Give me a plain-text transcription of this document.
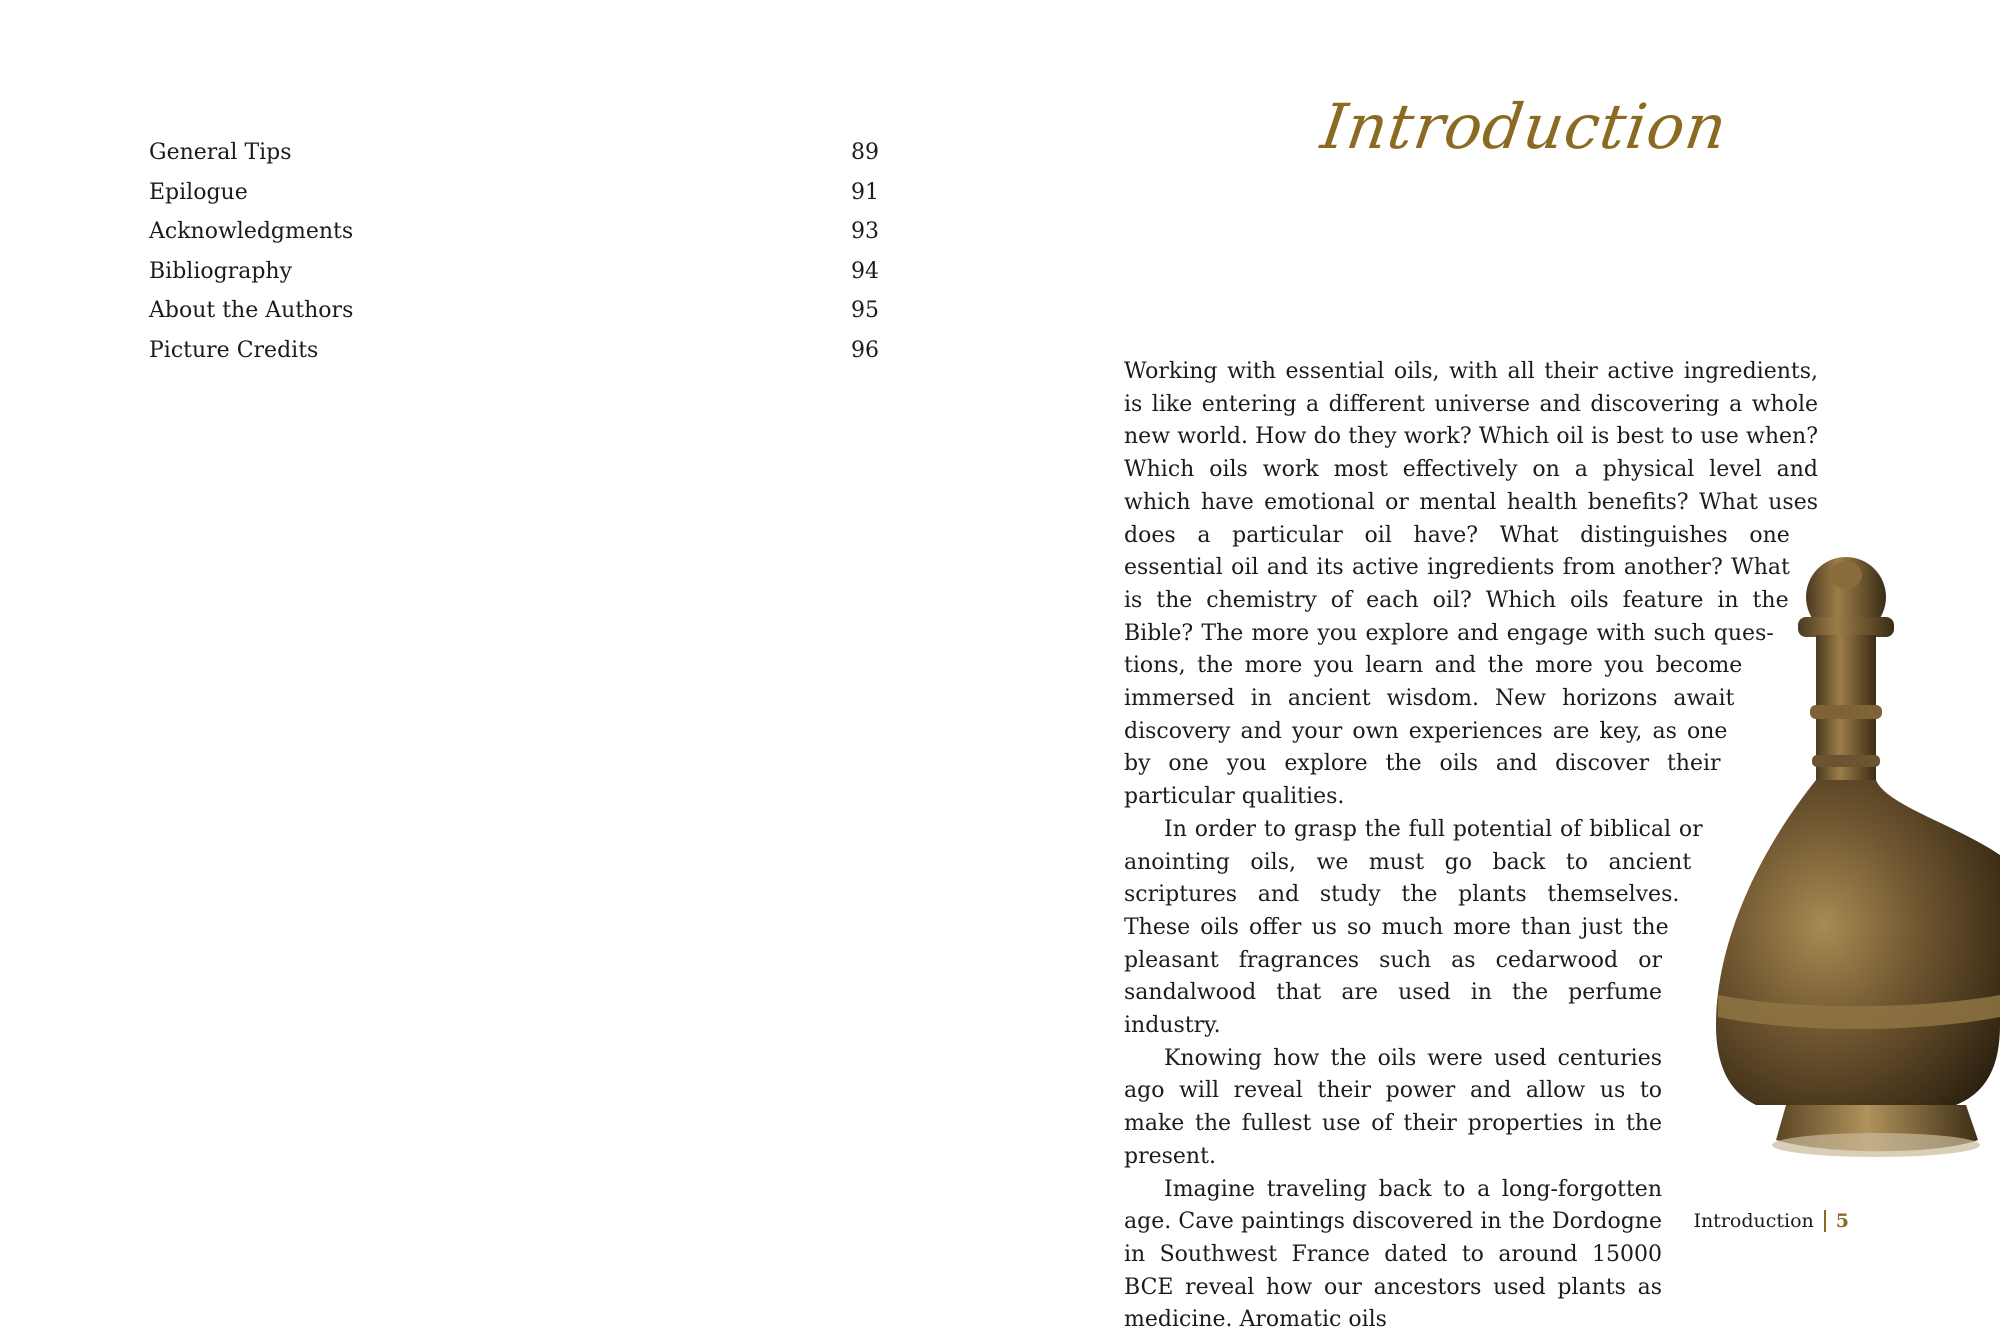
General Tips	89
Epilogue	91
Acknowledgments	93
Bibliography	94
About the Authors	95
Picture Credits	96
Introduction

Working with essential oils, with all their active ingredients, is like entering a different universe and discovering a whole new world. How do they work? Which oil is best to use when? Which oils work most effectively on a physical level and which have emotional or mental health benefits? What uses does a particular oil have? What distinguishes one essential oil and its active ingredients from another? What is the chemistry of each oil? Which oils feature in the Bible? The more you explore and engage with such questions, the more you learn and the more you become immersed in ancient wisdom. New horizons await discovery and your own experiences are key, as one by one you explore the oils and discover their particular qualities.

In order to grasp the full potential of biblical or anointing oils, we must go back to ancient scriptures and study the plants themselves. These oils offer us so much more than just the pleasant fragrances such as cedarwood or sandalwood that are used in the perfume industry.

Knowing how the oils were used centuries ago will reveal their power and allow us to make the fullest use of their properties in the present.

Imagine traveling back to a long-forgotten age. Cave paintings discovered in the Dordogne in Southwest France dated to around 15000 BCE reveal how our ancestors used plants as medicine. Aromatic oils

Introduction 5
